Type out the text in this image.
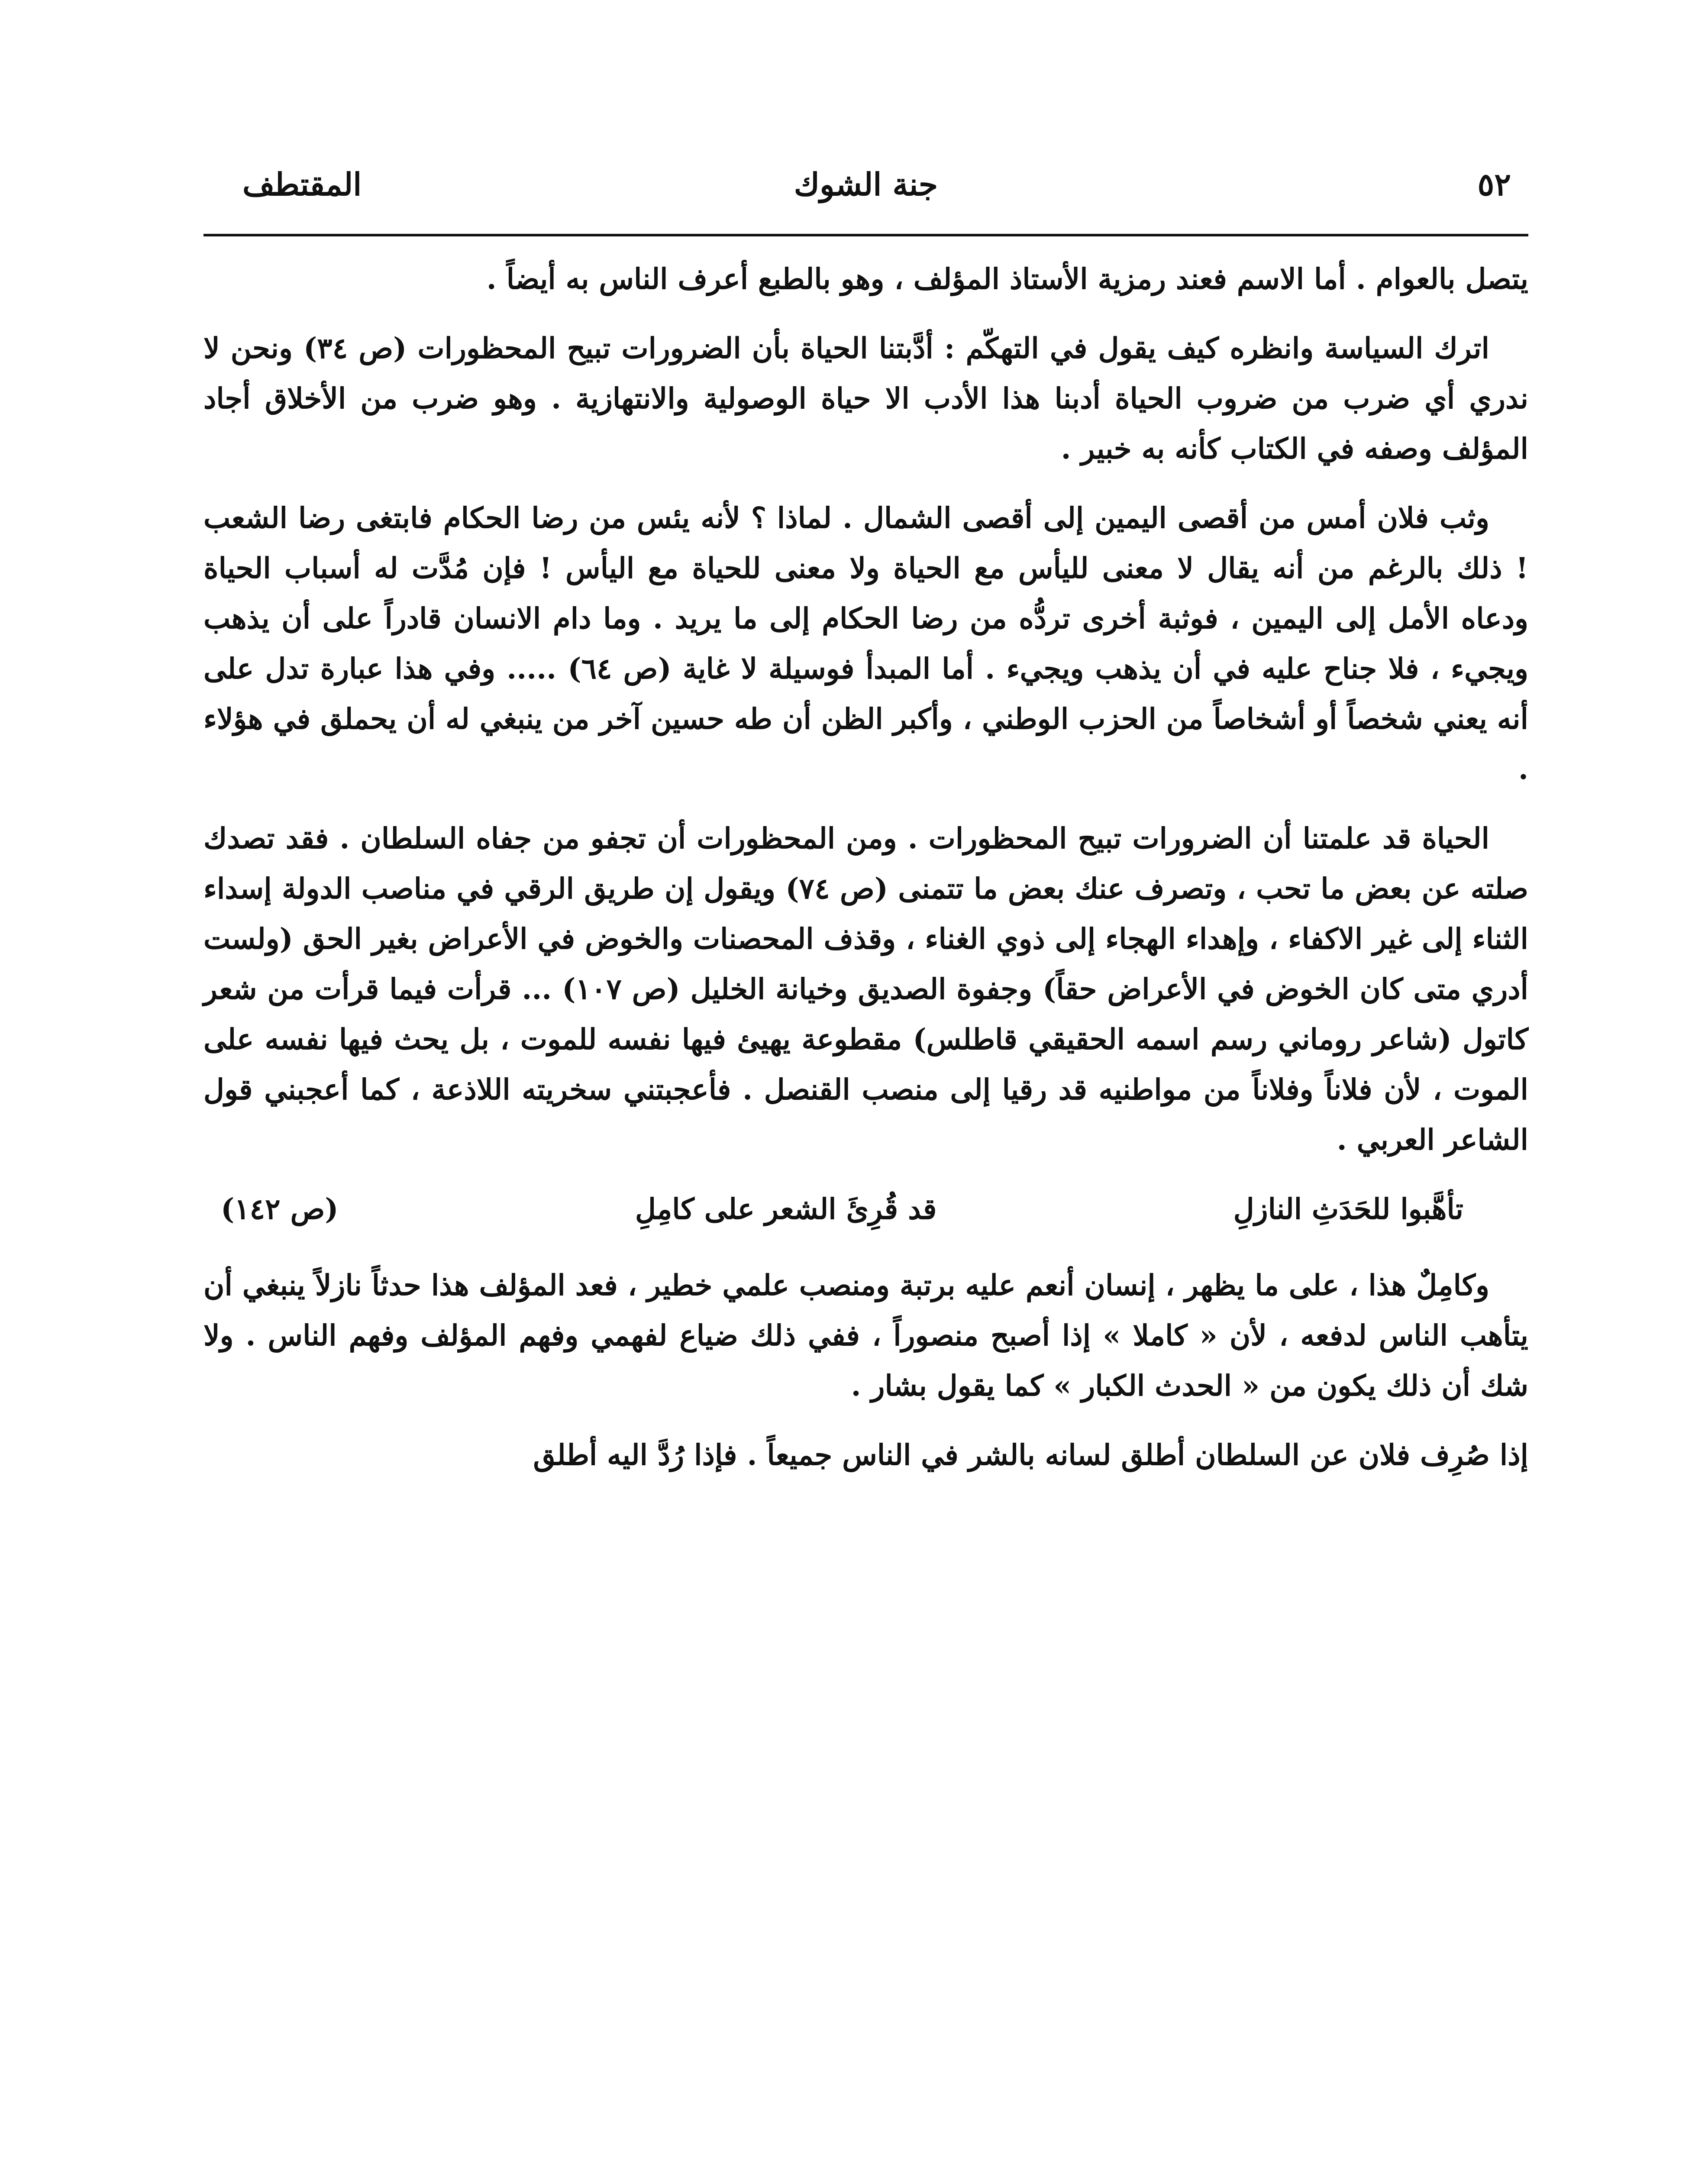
المقتطف	جنة الشوك	٥٢

يتصل بالعوام . أما الاسم فعند رمزية الأستاذ المؤلف ، وهو بالطبع أعرف الناس به أيضاً .

اترك السياسة وانظره كيف يقول في التهكّم : أدَّبتنا الحياة بأن الضرورات تبيح المحظورات (ص ٣٤) ونحن لا ندري أي ضرب من ضروب الحياة أدبنا هذا الأدب الا حياة الوصولية والانتهازية . وهو ضرب من الأخلاق أجاد المؤلف وصفه في الكتاب كأنه به خبير .

وثب فلان أمس من أقصى اليمين إلى أقصى الشمال . لماذا ؟ لأنه يئس من رضا الحكام فابتغى رضا الشعب ! ذلك بالرغم من أنه يقال لا معنى لليأس مع الحياة ولا معنى للحياة مع اليأس ! فإن مُدَّت له أسباب الحياة ودعاه الأمل إلى اليمين ، فوثبة أخرى تردُّه من رضا الحكام إلى ما يريد . وما دام الانسان قادراً على أن يذهب ويجيء ، فلا جناح عليه في أن يذهب ويجيء . أما المبدأ فوسيلة لا غاية (ص ٦٤) ..... وفي هذا عبارة تدل على أنه يعني شخصاً أو أشخاصاً من الحزب الوطني ، وأكبر الظن أن طه حسين آخر من ينبغي له أن يحملق في هؤلاء .

الحياة قد علمتنا أن الضرورات تبيح المحظورات . ومن المحظورات أن تجفو من جفاه السلطان . فقد تصدك صلته عن بعض ما تحب ، وتصرف عنك بعض ما تتمنى (ص ٧٤) ويقول إن طريق الرقي في مناصب الدولة إسداء الثناء إلى غير الاكفاء ، وإهداء الهجاء إلى ذوي الغناء ، وقذف المحصنات والخوض في الأعراض بغير الحق (ولست أدري متى كان الخوض في الأعراض حقاً) وجفوة الصديق وخيانة الخليل (ص ١٠٧) ... قرأت فيما قرأت من شعر كاتول (شاعر روماني رسم اسمه الحقيقي قاطلس) مقطوعة يهيئ فيها نفسه للموت ، بل يحث فيها نفسه على الموت ، لأن فلاناً وفلاناً من مواطنيه قد رقيا إلى منصب القنصل . فأعجبتني سخريته اللاذعة ، كما أعجبني قول الشاعر العربي .

تأهَّبوا للحَدَثِ النازلِ
قد قُرِئَ الشعر على كامِلِ
(ص ١٤٢)

وكامِلٌ هذا ، على ما يظهر ، إنسان أنعم عليه برتبة ومنصب علمي خطير ، فعد المؤلف هذا حدثاً نازلاً ينبغي أن يتأهب الناس لدفعه ، لأن « كاملا » إذا أصبح منصوراً ، ففي ذلك ضياع لفهمي وفهم المؤلف وفهم الناس . ولا شك أن ذلك يكون من « الحدث الكبار » كما يقول بشار .

إذا صُرِف فلان عن السلطان أطلق لسانه بالشر في الناس جميعاً . فإذا رُدَّ اليه أطلق
